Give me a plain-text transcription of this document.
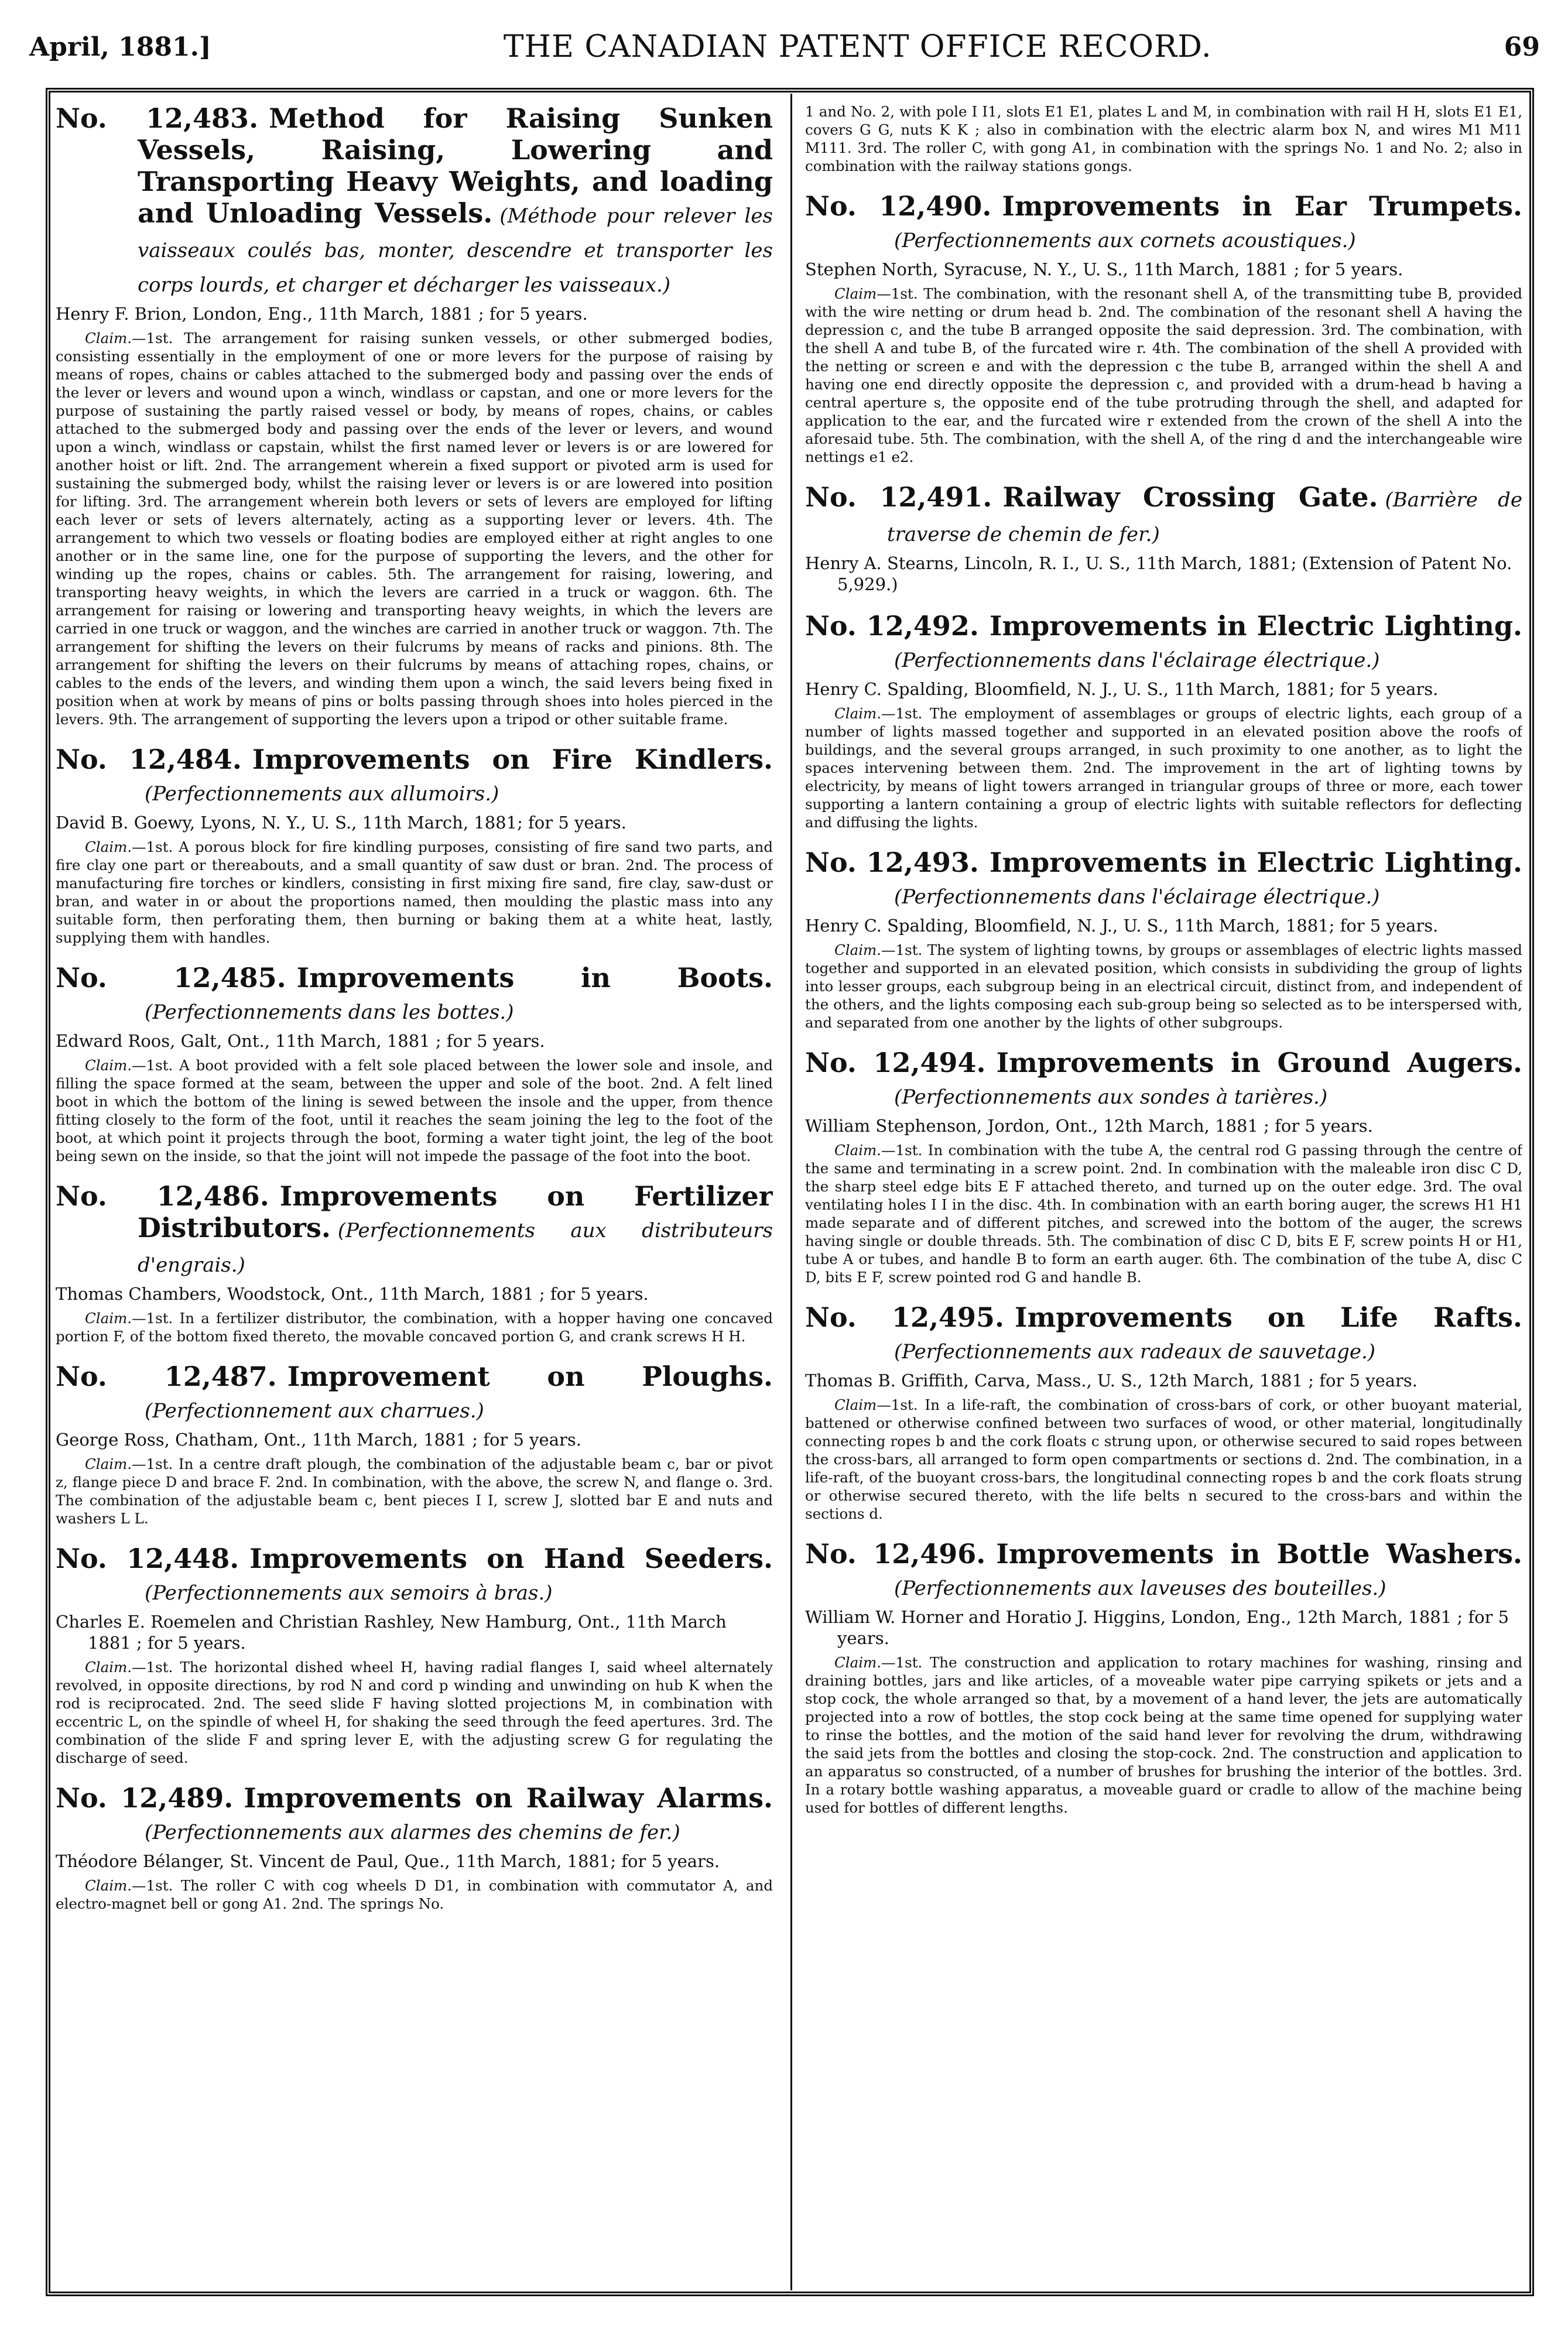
April, 1881.]	THE CANADIAN PATENT OFFICE RECORD.	69
No. 12,483. Method for Raising Sunken Vessels, Raising, Lowering and Transporting Heavy Weights, and loading and Unloading Vessels. (Méthode pour relever les vaisseaux coulés bas, monter, descendre et transporter les corps lourds, et charger et décharger les vaisseaux.)
Henry F. Brion, London, Eng., 11th March, 1881 ; for 5 years.

Claim.—1st. The arrangement for raising sunken vessels, or other submerged bodies, consisting essentially in the employment of one or more levers for the purpose of raising by means of ropes, chains or cables attached to the submerged body and passing over the ends of the lever or levers and wound upon a winch, windlass or capstan, and one or more levers for the purpose of sustaining the partly raised vessel or body, by means of ropes, chains, or cables attached to the submerged body and passing over the ends of the lever or levers, and wound upon a winch, windlass or capstain, whilst the first named lever or levers is or are lowered for another hoist or lift. 2nd. The arrangement wherein a fixed support or pivoted arm is used for sustaining the submerged body, whilst the raising lever or levers is or are lowered into position for lifting. 3rd. The arrangement wherein both levers or sets of levers are employed for lifting each lever or sets of levers alternately, acting as a supporting lever or levers. 4th. The arrangement to which two vessels or floating bodies are employed either at right angles to one another or in the same line, one for the purpose of supporting the levers, and the other for winding up the ropes, chains or cables. 5th. The arrangement for raising, lowering, and transporting heavy weights, in which the levers are carried in a truck or waggon. 6th. The arrangement for raising or lowering and transporting heavy weights, in which the levers are carried in one truck or waggon, and the winches are carried in another truck or waggon. 7th. The arrangement for shifting the levers on their fulcrums by means of racks and pinions. 8th. The arrangement for shifting the levers on their fulcrums by means of attaching ropes, chains, or cables to the ends of the levers, and winding them upon a winch, the said levers being fixed in position when at work by means of pins or bolts passing through shoes into holes pierced in the levers. 9th. The arrangement of supporting the levers upon a tripod or other suitable frame.

No. 12,484. Improvements on Fire Kindlers.(Perfectionnements aux allumoirs.)
David B. Goewy, Lyons, N. Y., U. S., 11th March, 1881; for 5 years.

Claim.—1st. A porous block for fire kindling purposes, consisting of fire sand two parts, and fire clay one part or thereabouts, and a small quantity of saw dust or bran. 2nd. The process of manufacturing fire torches or kindlers, consisting in first mixing fire sand, fire clay, saw-dust or bran, and water in or about the proportions named, then moulding the plastic mass into any suitable form, then perforating them, then burning or baking them at a white heat, lastly, supplying them with handles.

No. 12,485. Improvements in Boots.(Perfectionnements dans les bottes.)
Edward Roos, Galt, Ont., 11th March, 1881 ; for 5 years.

Claim.—1st. A boot provided with a felt sole placed between the lower sole and insole, and filling the space formed at the seam, between the upper and sole of the boot. 2nd. A felt lined boot in which the bottom of the lining is sewed between the insole and the upper, from thence fitting closely to the form of the foot, until it reaches the seam joining the leg to the foot of the boot, at which point it projects through the boot, forming a water tight joint, the leg of the boot being sewn on the inside, so that the joint will not impede the passage of the foot into the boot.

No. 12,486. Improvements on Fertilizer Distributors. (Perfectionnements aux distributeurs d'engrais.)
Thomas Chambers, Woodstock, Ont., 11th March, 1881 ; for 5 years.

Claim.—1st. In a fertilizer distributor, the combination, with a hopper having one concaved portion F, of the bottom fixed thereto, the movable concaved portion G, and crank screws H H.

No. 12,487. Improvement on Ploughs.(Perfectionnement aux charrues.)
George Ross, Chatham, Ont., 11th March, 1881 ; for 5 years.

Claim.—1st. In a centre draft plough, the combination of the adjustable beam c, bar or pivot z, flange piece D and brace F. 2nd. In combination, with the above, the screw N, and flange o. 3rd. The combination of the adjustable beam c, bent pieces I I, screw J, slotted bar E and nuts and washers L L.

No. 12,448. Improvements on Hand Seeders.(Perfectionnements aux semoirs à bras.)
Charles E. Roemelen and Christian Rashley, New Hamburg, Ont., 11th March 1881 ; for 5 years.

Claim.—1st. The horizontal dished wheel H, having radial flanges I, said wheel alternately revolved, in opposite directions, by rod N and cord p winding and unwinding on hub K when the rod is reciprocated. 2nd. The seed slide F having slotted projections M, in combination with eccentric L, on the spindle of wheel H, for shaking the seed through the feed apertures. 3rd. The combination of the slide F and spring lever E, with the adjusting screw G for regulating the discharge of seed.

No. 12,489. Improvements on Railway Alarms.(Perfectionnements aux alarmes des chemins de fer.)
Théodore Bélanger, St. Vincent de Paul, Que., 11th March, 1881; for 5 years.

Claim.—1st. The roller C with cog wheels D D1, in combination with commutator A, and electro-magnet bell or gong A1. 2nd. The springs No.

1 and No. 2, with pole I I1, slots E1 E1, plates L and M, in combination with rail H H, slots E1 E1, covers G G, nuts K K ; also in combination with the electric alarm box N, and wires M1 M11 M111. 3rd. The roller C, with gong A1, in combination with the springs No. 1 and No. 2; also in combination with the railway stations gongs.

No. 12,490. Improvements in Ear Trumpets.(Perfectionnements aux cornets acoustiques.)
Stephen North, Syracuse, N. Y., U. S., 11th March, 1881 ; for 5 years.

Claim—1st. The combination, with the resonant shell A, of the transmitting tube B, provided with the wire netting or drum head b. 2nd. The combination of the resonant shell A having the depression c, and the tube B arranged opposite the said depression. 3rd. The combination, with the shell A and tube B, of the furcated wire r. 4th. The combination of the shell A provided with the netting or screen e and with the depression c the tube B, arranged within the shell A and having one end directly opposite the depression c, and provided with a drum-head b having a central aperture s, the opposite end of the tube protruding through the shell, and adapted for application to the ear, and the furcated wire r extended from the crown of the shell A into the aforesaid tube. 5th. The combination, with the shell A, of the ring d and the interchangeable wire nettings e1 e2.

No. 12,491. Railway Crossing Gate. (Barrière de traverse de chemin de fer.)
Henry A. Stearns, Lincoln, R. I., U. S., 11th March, 1881; (Extension of Patent No. 5,929.)
No. 12,492. Improvements in Electric Lighting.(Perfectionnements dans l'éclairage électrique.)
Henry C. Spalding, Bloomfield, N. J., U. S., 11th March, 1881; for 5 years.

Claim.—1st. The employment of assemblages or groups of electric lights, each group of a number of lights massed together and supported in an elevated position above the roofs of buildings, and the several groups arranged, in such proximity to one another, as to light the spaces intervening between them. 2nd. The improvement in the art of lighting towns by electricity, by means of light towers arranged in triangular groups of three or more, each tower supporting a lantern containing a group of electric lights with suitable reflectors for deflecting and diffusing the lights.

No. 12,493. Improvements in Electric Lighting.(Perfectionnements dans l'éclairage électrique.)
Henry C. Spalding, Bloomfield, N. J., U. S., 11th March, 1881; for 5 years.

Claim.—1st. The system of lighting towns, by groups or assemblages of electric lights massed together and supported in an elevated position, which consists in subdividing the group of lights into lesser groups, each subgroup being in an electrical circuit, distinct from, and independent of the others, and the lights composing each sub-group being so selected as to be interspersed with, and separated from one another by the lights of other subgroups.

No. 12,494. Improvements in Ground Augers.(Perfectionnements aux sondes à tarières.)
William Stephenson, Jordon, Ont., 12th March, 1881 ; for 5 years.

Claim.—1st. In combination with the tube A, the central rod G passing through the centre of the same and terminating in a screw point. 2nd. In combination with the maleable iron disc C D, the sharp steel edge bits E F attached thereto, and turned up on the outer edge. 3rd. The oval ventilating holes I I in the disc. 4th. In combination with an earth boring auger, the screws H1 H1 made separate and of different pitches, and screwed into the bottom of the auger, the screws having single or double threads. 5th. The combination of disc C D, bits E F, screw points H or H1, tube A or tubes, and handle B to form an earth auger. 6th. The combination of the tube A, disc C D, bits E F, screw pointed rod G and handle B.

No. 12,495. Improvements on Life Rafts.(Perfectionnements aux radeaux de sauvetage.)
Thomas B. Griffith, Carva, Mass., U. S., 12th March, 1881 ; for 5 years.

Claim—1st. In a life-raft, the combination of cross-bars of cork, or other buoyant material, battened or otherwise confined between two surfaces of wood, or other material, longitudinally connecting ropes b and the cork floats c strung upon, or otherwise secured to said ropes between the cross-bars, all arranged to form open compartments or sections d. 2nd. The combination, in a life-raft, of the buoyant cross-bars, the longitudinal connecting ropes b and the cork floats strung or otherwise secured thereto, with the life belts n secured to the cross-bars and within the sections d.

No. 12,496. Improvements in Bottle Washers.(Perfectionnements aux laveuses des bouteilles.)
William W. Horner and Horatio J. Higgins, London, Eng., 12th March, 1881 ; for 5 years.

Claim.—1st. The construction and application to rotary machines for washing, rinsing and draining bottles, jars and like articles, of a moveable water pipe carrying spikets or jets and a stop cock, the whole arranged so that, by a movement of a hand lever, the jets are automatically projected into a row of bottles, the stop cock being at the same time opened for supplying water to rinse the bottles, and the motion of the said hand lever for revolving the drum, withdrawing the said jets from the bottles and closing the stop-cock. 2nd. The construction and application to an apparatus so constructed, of a number of brushes for brushing the interior of the bottles. 3rd. In a rotary bottle washing apparatus, a moveable guard or cradle to allow of the machine being used for bottles of different lengths.
